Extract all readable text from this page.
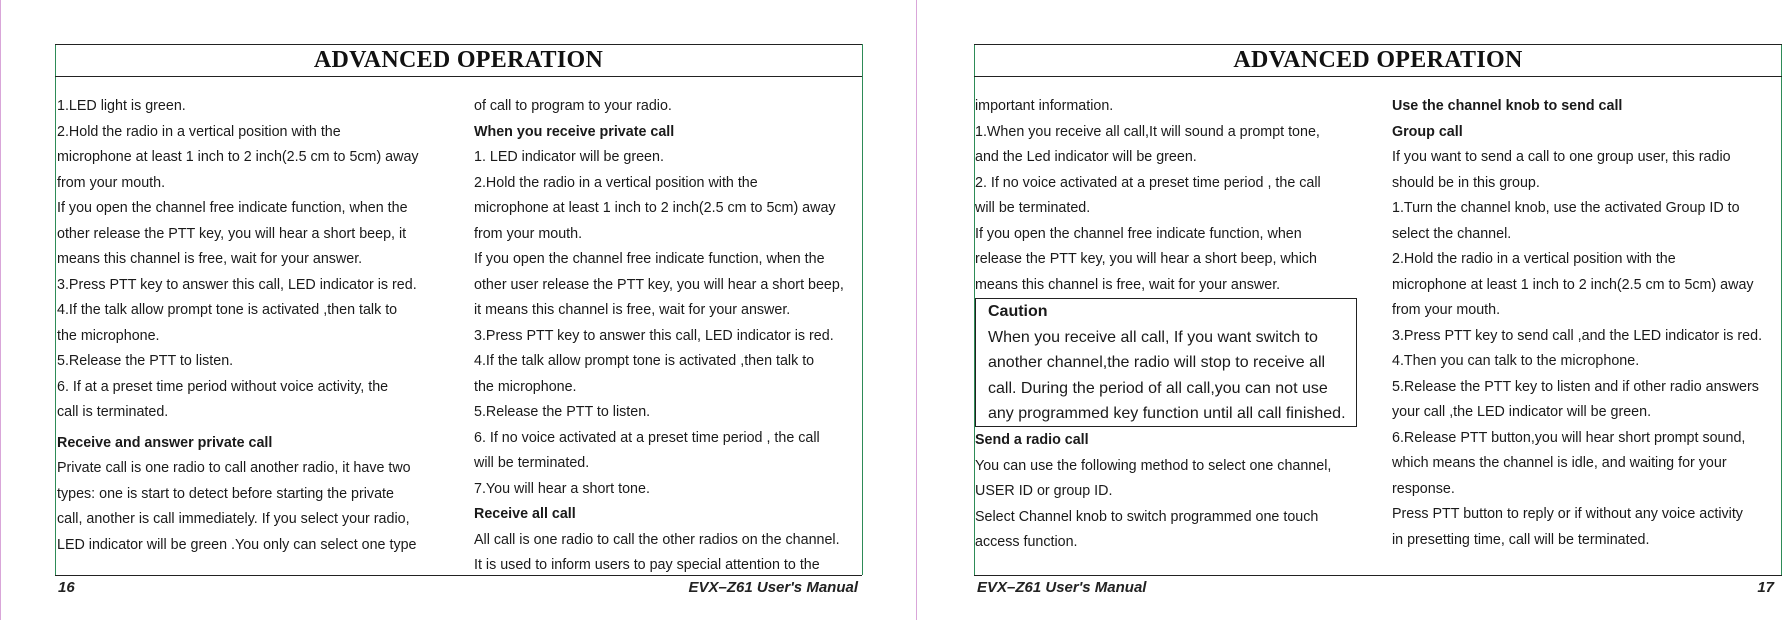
ADVANCED OPERATION
16	EVX–Z61 User's Manual
1.LED light is green.
2.Hold the radio in a vertical position with the
microphone at least 1 inch to 2 inch(2.5 cm to 5cm) away
from your mouth.
If you open the channel free indicate function, when the
other release the PTT key, you will hear a short beep, it
means this channel is free, wait for your answer.
3.Press PTT key to answer this call, LED indicator is red.
4.If the talk allow prompt tone is activated ,then talk to
the microphone.
5.Release the PTT to listen.
6. If at a preset time period without voice activity, the
call is terminated.
Receive and answer private call
Private call is one radio to call another radio, it have two
types: one is start to detect before starting the private
call, another is call immediately. If you select your radio,
LED indicator will be green .You only can select one type
of call to program to your radio.
When you receive private call
1. LED indicator will be green.
2.Hold the radio in a vertical position with the
microphone at least 1 inch to 2 inch(2.5 cm to 5cm) away
from your mouth.
If you open the channel free indicate function, when the
other user release the PTT key, you will hear a short beep,
it means this channel is free, wait for your answer.
3.Press PTT key to answer this call, LED indicator is red.
4.If the talk allow prompt tone is activated ,then talk to
the microphone.
5.Release the PTT to listen.
6. If no voice activated at a preset time period , the call
will be terminated.
7.You will hear a short tone.
Receive all call
All call is one radio to call the other radios on the channel.
It is used to inform users to pay special attention to the
ADVANCED OPERATION
EVX–Z61 User's Manual	17
important information.
1.When you receive all call,It will sound a prompt tone,
and the Led indicator will be green.
2. If no voice activated at a preset time period , the call
will be terminated.
If you open the channel free indicate function, when
release the PTT key, you will hear a short beep, which
means this channel is free, wait for your answer.
Caution
When you receive all call, If you want switch to
another channel,the radio will stop to receive all
call. During the period of all call,you can not use
any programmed key function until all call finished.
Send a radio call
You can use the following method to select one channel,
USER ID or group ID.
Select Channel knob to switch programmed one touch
access function.
Use the channel knob to send call
Group call
If you want to send a call to one group user, this radio
should be in this group.
1.Turn the channel knob, use the activated Group ID to
select the channel.
2.Hold the radio in a vertical position with the
microphone at least 1 inch to 2 inch(2.5 cm to 5cm) away
from your mouth.
3.Press PTT key to send call ,and the LED indicator is red.
4.Then you can talk to the microphone.
5.Release the PTT key to listen and if other radio answers
your call ,the LED indicator will be green.
6.Release PTT button,you will hear short prompt sound,
which means the channel is idle, and waiting for your
response.
Press PTT button to reply or if without any voice activity
in presetting time, call will be terminated.
